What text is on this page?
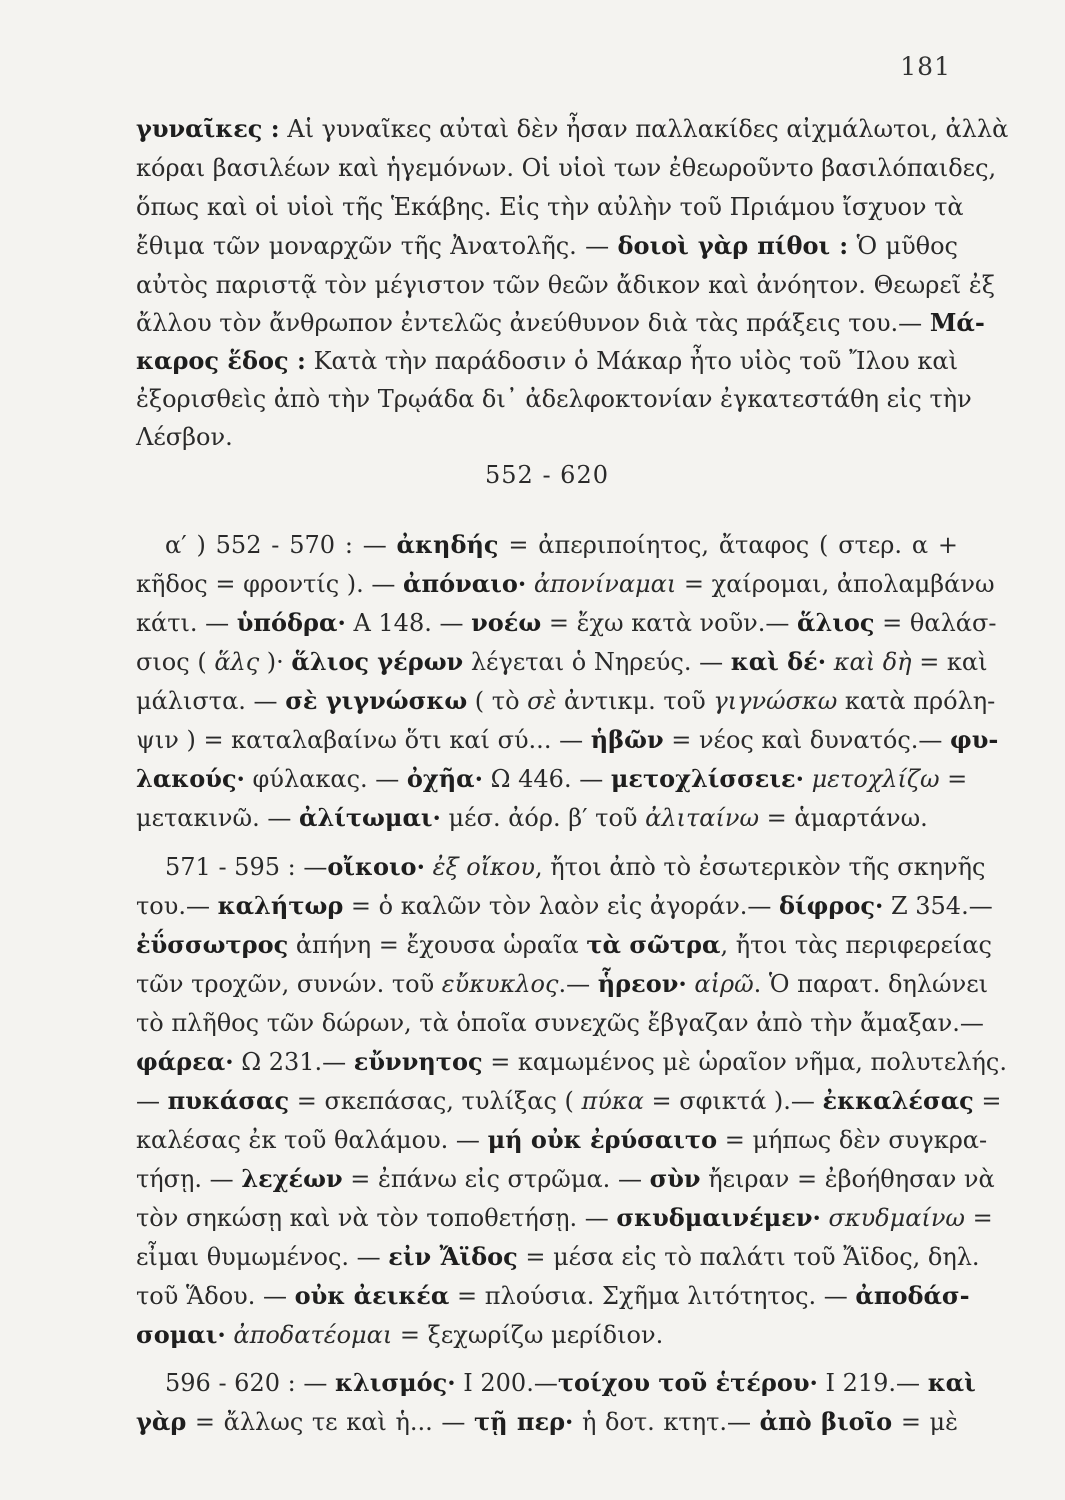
181
γυναῖκες : Αἱ γυναῖκες αὐταὶ δὲν ἦσαν παλλακίδες αἰχμάλωτοι, ἀλλὰ
κόραι βασιλέων καὶ ἡγεμόνων. Οἱ υἱοὶ των ἐθεωροῦντο βασιλόπαιδες,
ὅπως καὶ οἱ υἱοὶ τῆς Ἑκάβης. Εἰς τὴν αὐλὴν τοῦ Πριάμου ἴσχυον τὰ
ἔθιμα τῶν μοναρχῶν τῆς Ἀνατολῆς. — δοιοὶ γὰρ πίθοι : Ὁ μῦθος
αὐτὸς παριστᾷ τὸν μέγιστον τῶν θεῶν ἄδικον καὶ ἀνόητον. Θεωρεῖ ἐξ
ἄλλου τὸν ἄνθρωπον ἐντελῶς ἀνεύθυνον διὰ τὰς πράξεις του.— Μά-
καρος ἕδος : Κατὰ τὴν παράδοσιν ὁ Μάκαρ ἦτο υἱὸς τοῦ Ἴλου καὶ
ἐξορισθεὶς ἀπὸ τὴν Τρῳάδα δι᾽ ἀδελφοκτονίαν ἐγκατεστάθη εἰς τὴν
Λέσβον.
552 - 620
α′ ) 552 - 570 : — ἀκηδής = ἀπεριποίητος, ἄταφος ( στερ. α +
κῆδος = φροντίς ). — ἀπόναιο· ἀπονίναμαι = χαίρομαι, ἀπολαμβάνω
κάτι. — ὑπόδρα· Α 148. — νοέω = ἔχω κατὰ νοῦν.— ἅλιος = θαλάσ-
σιος ( ἅλς )· ἅλιος γέρων λέγεται ὁ Νηρεύς. — καὶ δέ· καὶ δὴ = καὶ
μάλιστα. — σὲ γιγνώσκω ( τὸ σὲ ἀντικμ. τοῦ γιγνώσκω κατὰ πρόλη-
ψιν ) = καταλαβαίνω ὅτι καί σύ... — ἡβῶν = νέος καὶ δυνατός.— φυ-
λακούς· φύλακας. — ὀχῆα· Ω 446. — μετοχλίσσειε· μετοχλίζω =
μετακινῶ. — ἀλίτωμαι· μέσ. ἀόρ. β′ τοῦ ἀλιταίνω = ἁμαρτάνω.
571 - 595 : —οἴκοιο· ἐξ οἴκου, ἤτοι ἀπὸ τὸ ἐσωτερικὸν τῆς σκηνῆς
του.— καλήτωρ = ὁ καλῶν τὸν λαὸν εἰς ἀγοράν.— δίφρος· Ζ 354.—
ἐΰσσωτρος ἀπήνη = ἔχουσα ὡραῖα τὰ σῶτρα, ἤτοι τὰς περιφερείας
τῶν τροχῶν, συνών. τοῦ εὔκυκλος.— ἧρεον· αἱρῶ. Ὁ παρατ. δηλώνει
τὸ πλῆθος τῶν δώρων, τὰ ὁποῖα συνεχῶς ἔβγαζαν ἀπὸ τὴν ἄμαξαν.—
φάρεα· Ω 231.— εὔννητος = καμωμένος μὲ ὡραῖον νῆμα, πολυτελής.
— πυκάσας = σκεπάσας, τυλίξας ( πύκα = σφικτά ).— ἐκκαλέσας =
καλέσας ἐκ τοῦ θαλάμου. — μή οὐκ ἐρύσαιτο = μήπως δὲν συγκρα-
τήσῃ. — λεχέων = ἐπάνω εἰς στρῶμα. — σὺν ἤειραν = ἐβοήθησαν νὰ
τὸν σηκώσῃ καὶ νὰ τὸν τοποθετήσῃ. — σκυδμαινέμεν· σκυδμαίνω =
εἶμαι θυμωμένος. — εἰν Ἄϊδος = μέσα εἰς τὸ παλάτι τοῦ Ἄϊδος, δηλ.
τοῦ Ἅδου. — οὐκ ἀεικέα = πλούσια. Σχῆμα λιτότητος. — ἀποδάσ-
σομαι· ἀποδατέομαι = ξεχωρίζω μερίδιον.
596 - 620 : — κλισμός· Ι 200.—τοίχου τοῦ ἑτέρου· Ι 219.— καὶ
γὰρ = ἄλλως τε καὶ ἡ... — τῇ περ· ἡ δοτ. κτητ.— ἀπὸ βιοῖο = μὲ
